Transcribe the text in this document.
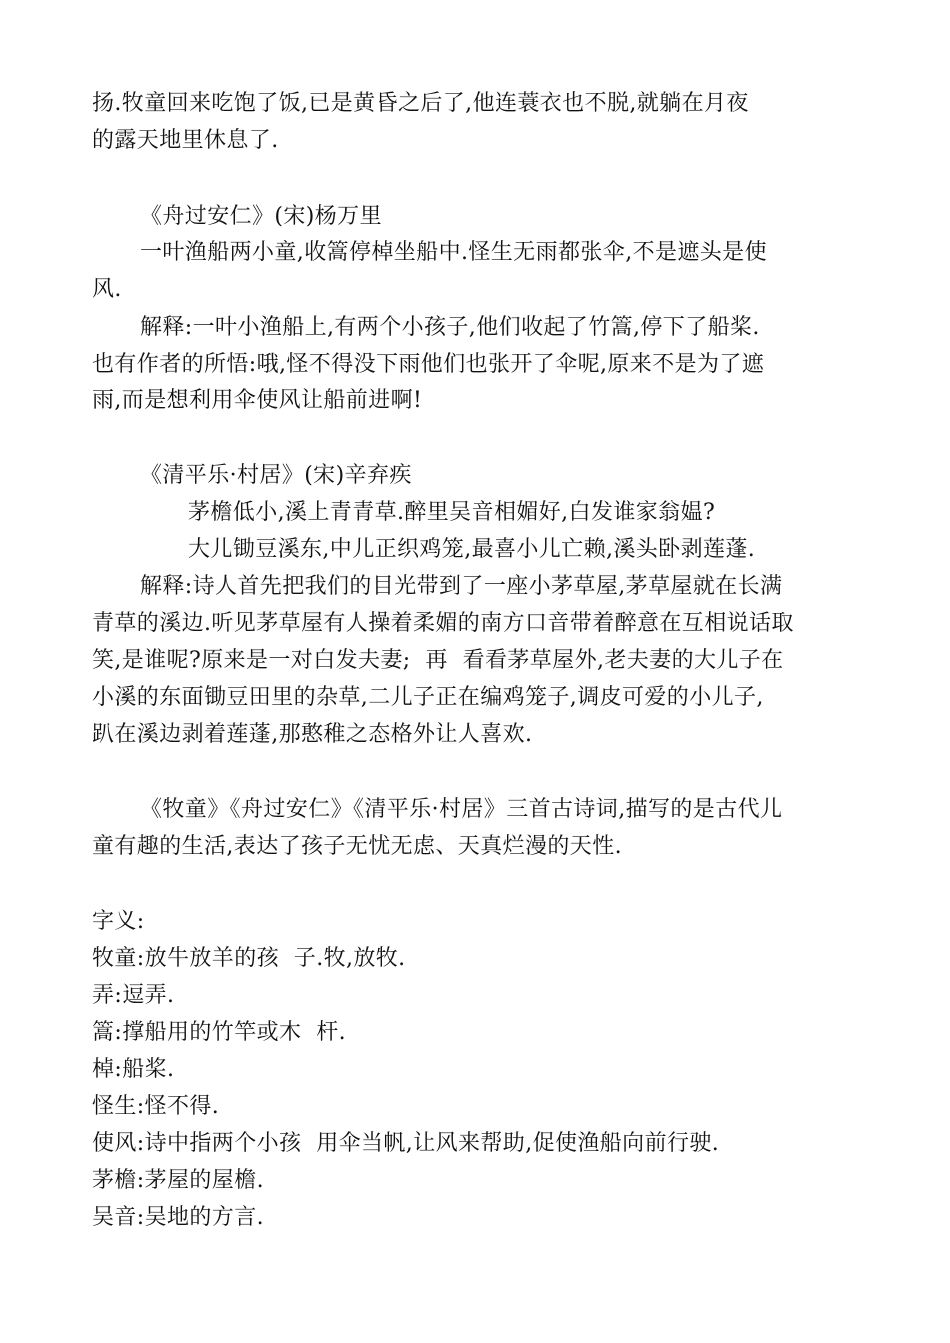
扬.牧童回来吃饱了饭,已是黄昏之后了,他连蓑衣也不脱,就躺在月夜
的露天地里休息了.
《舟过安仁》(宋)杨万里
一叶渔船两小童,收篙停棹坐船中.怪生无雨都张伞,不是遮头是使
风.
解释:一叶小渔船上,有两个小孩子,他们收起了竹篙,停下了船桨.
也有作者的所悟:哦,怪不得没下雨他们也张开了伞呢,原来不是为了遮
雨,而是想利用伞使风让船前进啊!
《清平乐·村居》(宋)辛弃疾
茅檐低小,溪上青青草.醉里吴音相媚好,白发谁家翁媪?
大儿锄豆溪东,中儿正织鸡笼,最喜小儿亡赖,溪头卧剥莲蓬.
解释:诗人首先把我们的目光带到了一座小茅草屋,茅草屋就在长满
青草的溪边.听见茅草屋有人操着柔媚的南方口音带着醉意在互相说话取
笑,是谁呢?原来是一对白发夫妻;  再  看看茅草屋外,老夫妻的大儿子在
小溪的东面锄豆田里的杂草,二儿子正在编鸡笼子,调皮可爱的小儿子,
趴在溪边剥着莲蓬,那憨稚之态格外让人喜欢.
《牧童》《舟过安仁》《清平乐·村居》三首古诗词,描写的是古代儿
童有趣的生活,表达了孩子无忧无虑、天真烂漫的天性.
字义:
牧童:放牛放羊的孩  子.牧,放牧.
弄:逗弄.
篙:撑船用的竹竿或木  杆.
棹:船桨.
怪生:怪不得.
使风:诗中指两个小孩  用伞当帆,让风来帮助,促使渔船向前行驶.
茅檐:茅屋的屋檐.
吴音:吴地的方言.
